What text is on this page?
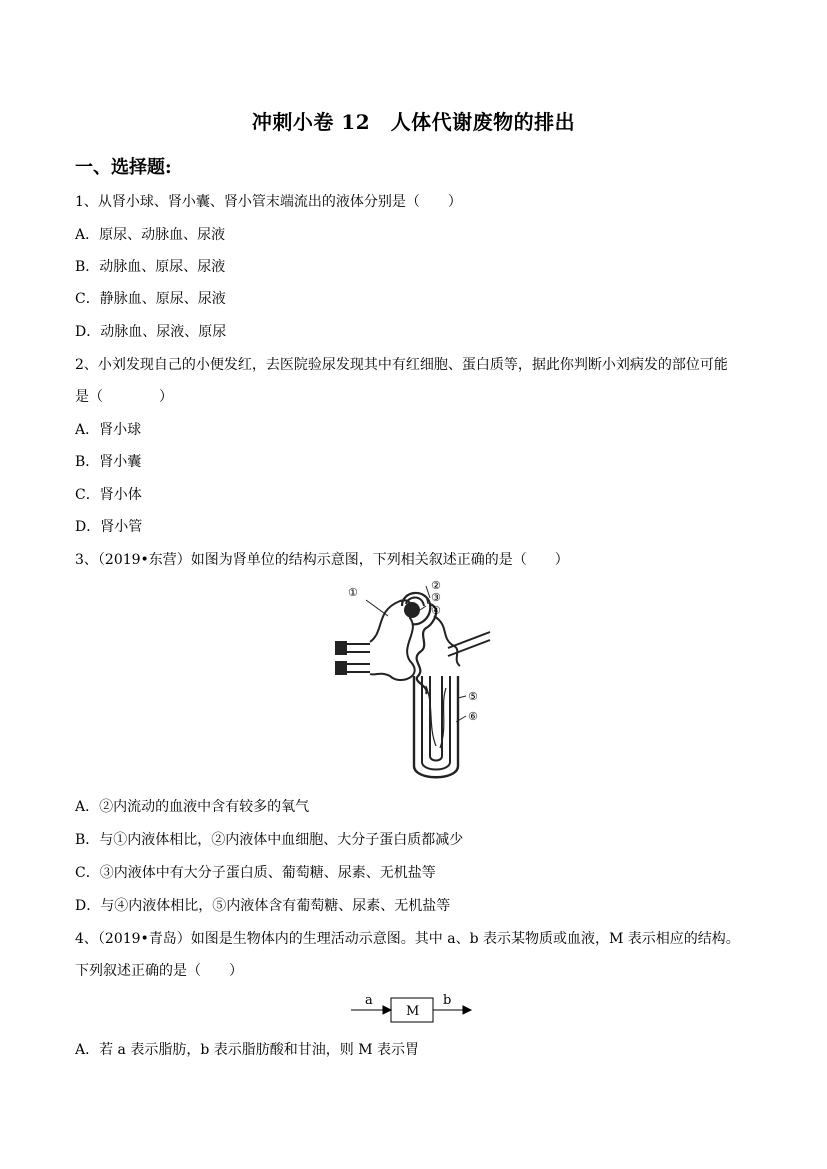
冲刺小卷 12　人体代谢废物的排出
一、选择题:
1、从肾小球、肾小囊、肾小管末端流出的液体分别是（　　）
A．原尿、动脉血、尿液
B．动脉血、原尿、尿液
C．静脉血、原尿、尿液
D．动脉血、尿液、原尿
2、小刘发现自己的小便发红，去医院验尿发现其中有红细胞、蛋白质等，据此你判断小刘病发的部位可能
是（　　　　）
A．肾小球
B．肾小囊
C．肾小体
D．肾小管
3、（2019•东营）如图为肾单位的结构示意图，下列相关叙述正确的是（　　）
①
②
③
④
⑤
⑥
A．②内流动的血液中含有较多的氧气
B．与①内液体相比，②内液体中血细胞、大分子蛋白质都减少
C．③内液体中有大分子蛋白质、葡萄糖、尿素、无机盐等
D．与④内液体相比，⑤内液体含有葡萄糖、尿素、无机盐等
4、（2019•青岛）如图是生物体内的生理活动示意图。其中 a、b 表示某物质或血液，M 表示相应的结构。
下列叙述正确的是（　　）
a
M
b
A．若 a 表示脂肪，b 表示脂肪酸和甘油，则 M 表示胃
